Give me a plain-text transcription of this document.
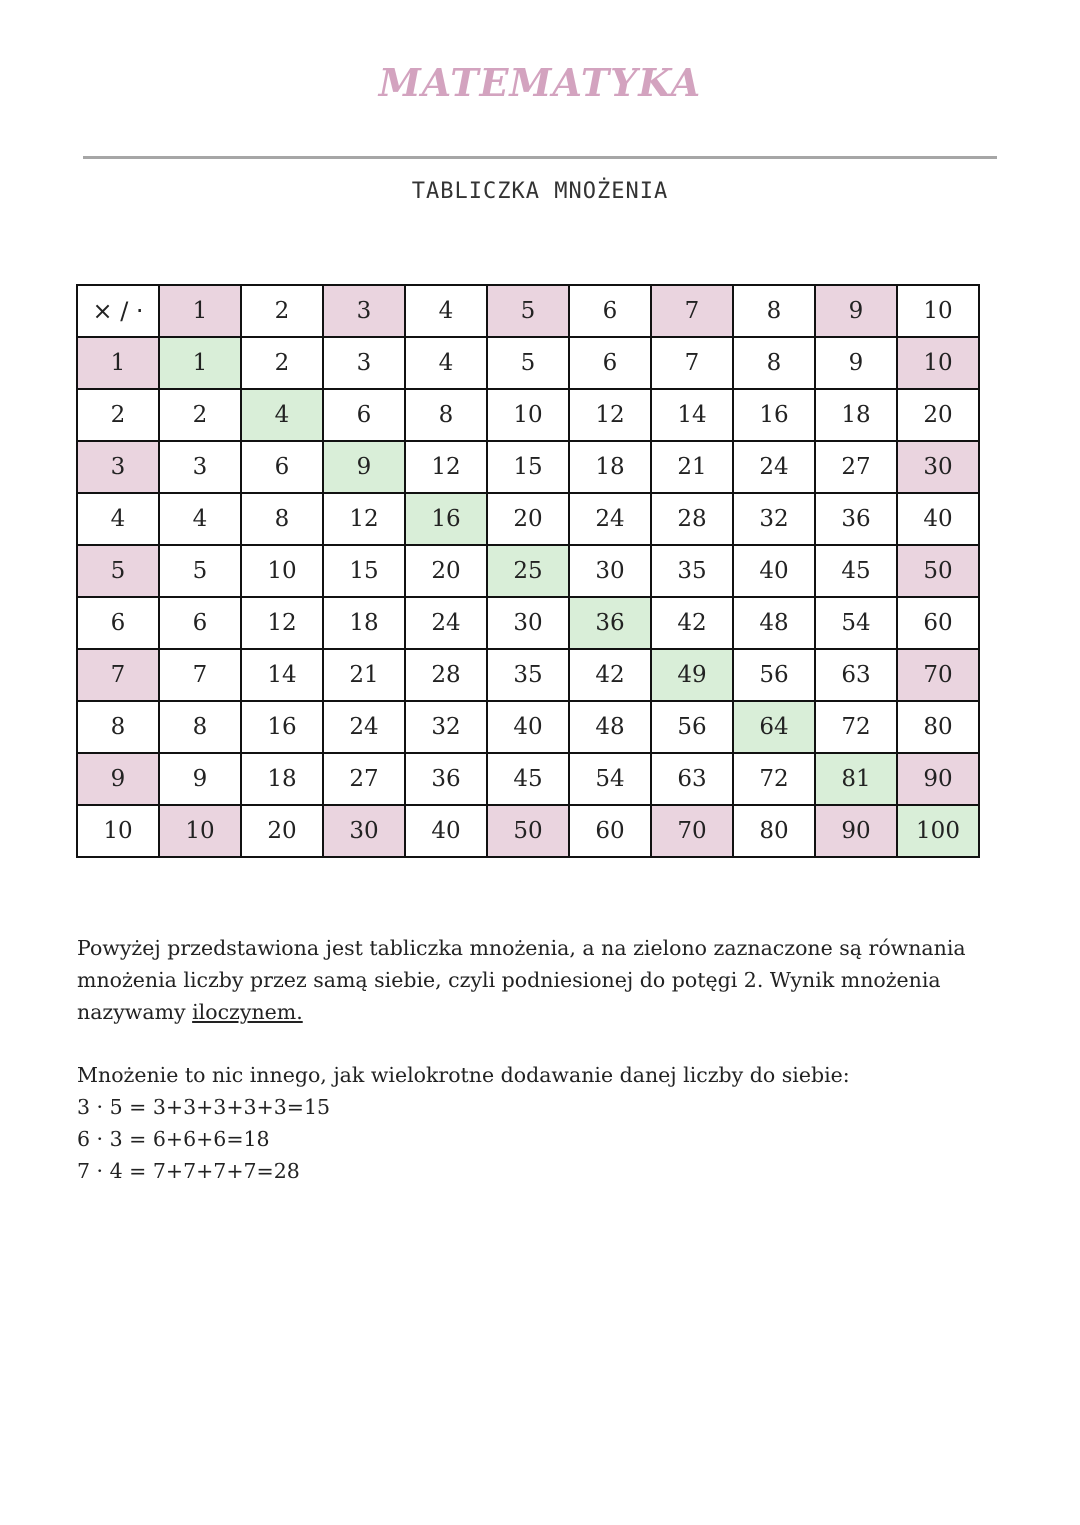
MATEMATYKA
TABLICZKA MNOŻENIA
× / ·	1	2	3	4	5	6	7	8	9	10
1	1	2	3	4	5	6	7	8	9	10
2	2	4	6	8	10	12	14	16	18	20
3	3	6	9	12	15	18	21	24	27	30
4	4	8	12	16	20	24	28	32	36	40
5	5	10	15	20	25	30	35	40	45	50
6	6	12	18	24	30	36	42	48	54	60
7	7	14	21	28	35	42	49	56	63	70
8	8	16	24	32	40	48	56	64	72	80
9	9	18	27	36	45	54	63	72	81	90
10	10	20	30	40	50	60	70	80	90	100
Powyżej przedstawiona jest tabliczka mnożenia, a na zielono zaznaczone są równania mnożenia liczby przez samą siebie, czyli podniesionej do potęgi 2. Wynik mnożenia nazywamy iloczynem.
Mnożenie to nic innego, jak wielokrotne dodawanie danej liczby do siebie:
3 · 5 = 3+3+3+3+3=15
6 · 3 = 6+6+6=18
7 · 4 = 7+7+7+7=28
